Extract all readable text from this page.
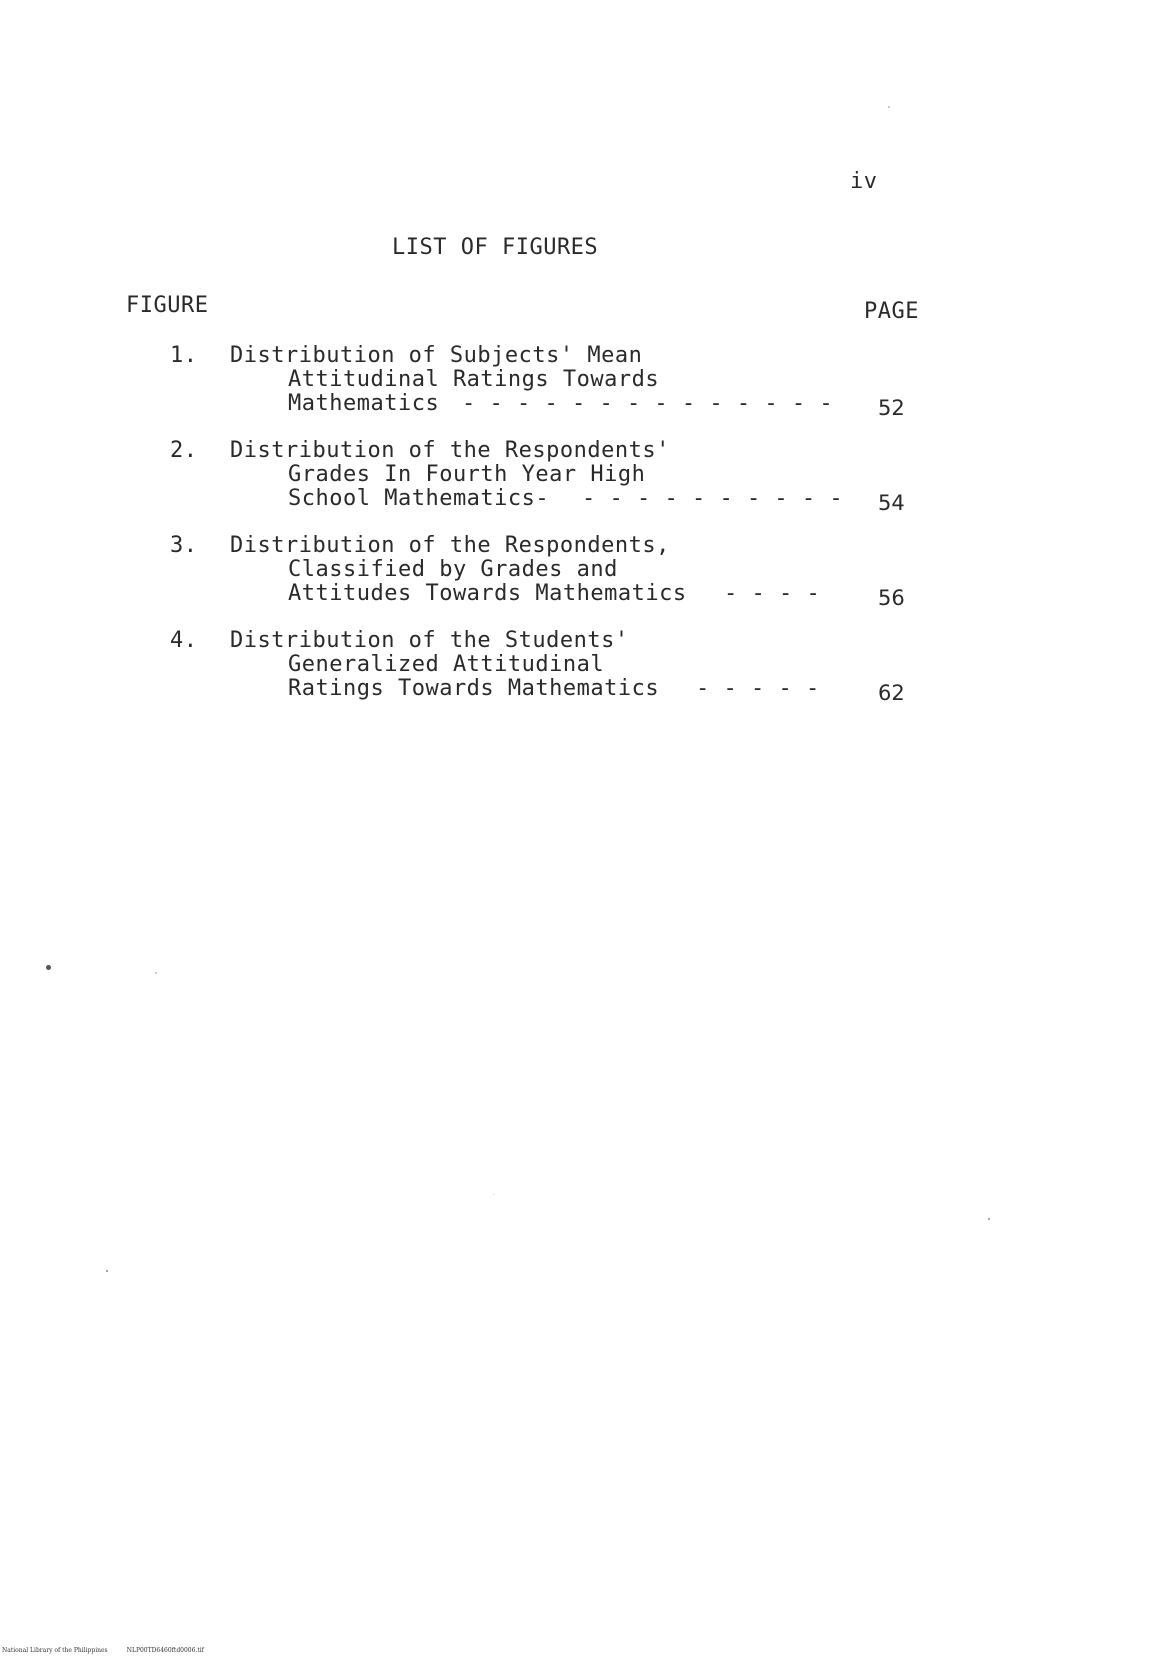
iv
LIST OF FIGURES
FIGURE	PAGE
1. Distribution of Subjects' Mean
Attitudinal Ratings Towards
Mathematics - - - - - - - - - - - - - - 52
2. Distribution of the Respondents'
Grades In Fourth Year High
School Mathematics- - - - - - - - - - - 54
3. Distribution of the Respondents,
Classified by Grades and
Attitudes Towards Mathematics - - - -	56
4. Distribution of the Students'
Generalized Attitudinal
Ratings Towards Mathematics - - - - -	62
National Library of the Philippines	NLP00TD6460ftd0006.tif
